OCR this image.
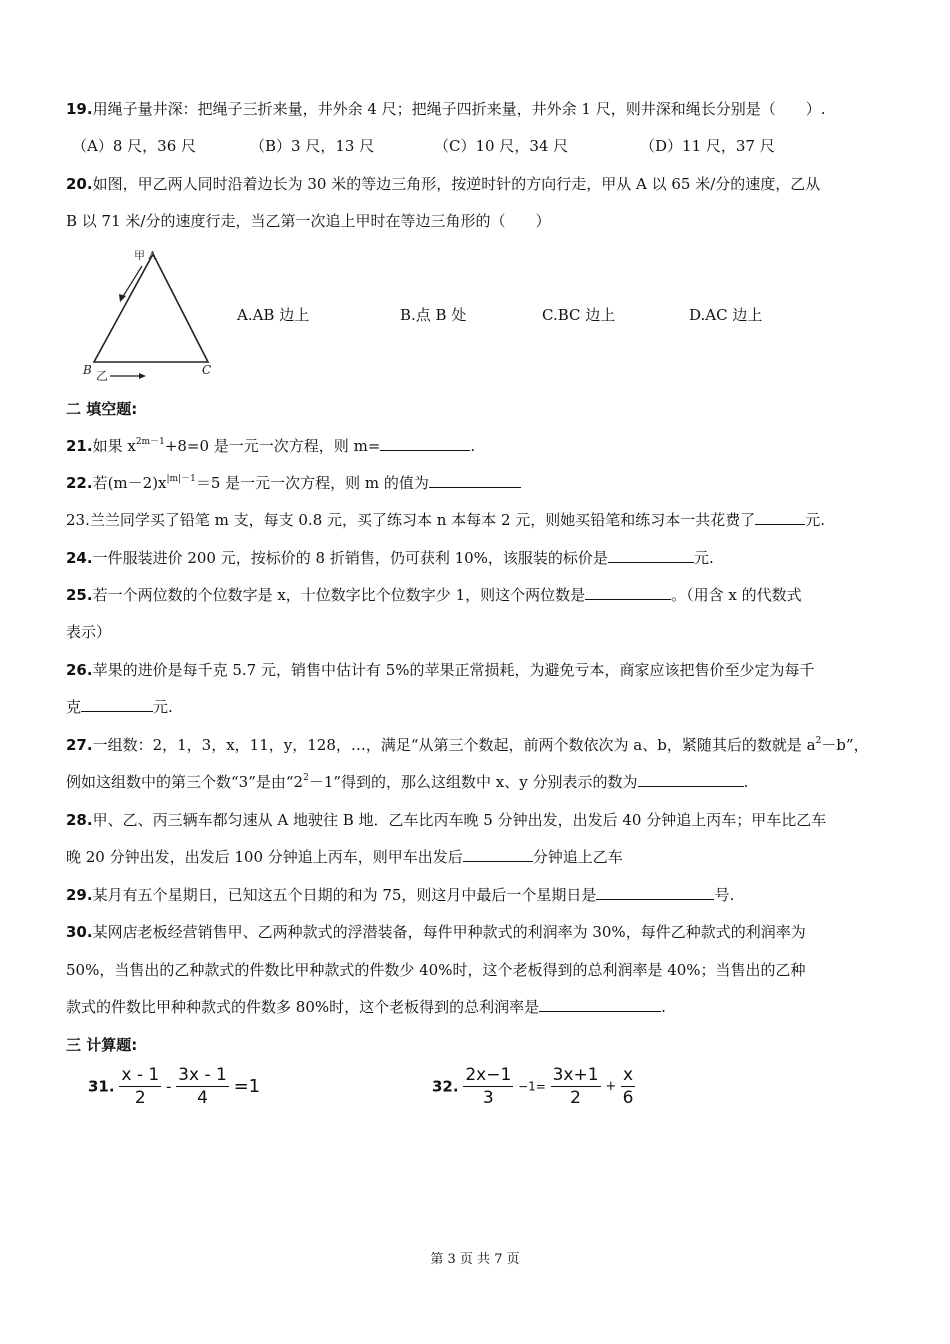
19.用绳子量井深：把绳子三折来量，井外余 4 尺；把绳子四折来量，井外余 1 尺，则井深和绳长分别是（　　）.
（A）8 尺，36 尺	（B）3 尺，13 尺	（C）10 尺，34 尺	（D）11 尺，37 尺
20.如图，甲乙两人同时沿着边长为 30 米的等边三角形，按逆时针的方向行走，甲从 A 以 65 米/分的速度，乙从
B 以 71 米/分的速度行走，当乙第一次追上甲时在等边三角形的（　　）
甲 A
B 乙	C
A.AB 边上	B.点 B 处	C.BC 边上	D.AC 边上
二 填空题:
21.如果 $x^{2m-1}+8=0$ 是一元一次方程，则 m=	.
22.若$(m-2)x^{|m|-1}=5$ 是一元一次方程，则 m 的值为
23.兰兰同学买了铅笔 m 支，每支 0.8 元，买了练习本 n 本每本 2 元，则她买铅笔和练习本一共花费了	元.
24.一件服装进价 200 元，按标价的 8 折销售，仍可获利 10%，该服装的标价是	元.
25.若一个两位数的个位数字是 x，十位数字比个位数字少 1，则这个两位数是	。（用含 x 的代数式
表示）
26.苹果的进价是每千克 5.7 元，销售中估计有 5%的苹果正常损耗，为避免亏本，商家应该把售价至少定为每千
克	元.
27.一组数：2，1，3，x，11，y，128，…，满足“从第三个数起，前两个数依次为 a、b，紧随其后的数就是 $a^2-b$”，
例如这组数中的第三个数“3”是由“$2^2-1$”得到的，那么这组数中 x、y 分别表示的数为	.
28.甲、乙、丙三辆车都匀速从 A 地驶往 B 地．乙车比丙车晚 5 分钟出发，出发后 40 分钟追上丙车；甲车比乙车
晚 20 分钟出发，出发后 100 分钟追上丙车，则甲车出发后	分钟追上乙车
29.某月有五个星期日，已知这五个日期的和为 75，则这月中最后一个星期日是	号.
30.某网店老板经营销售甲、乙两种款式的浮潜装备，每件甲种款式的利润率为 30%，每件乙种款式的利润率为
50%，当售出的乙种款式的件数比甲种款式的件数少 40%时，这个老板得到的总利润率是 40%；当售出的乙种
款式的件数比甲种种款式的件数多 80%时，这个老板得到的总利润率是	.
三 计算题:
31. $\frac{x - 1}{2} - \frac{3x - 1}{4} =1$	32. $\frac{2x-1}{3} -1= \frac{3x+1}{2} + \frac{x}{6}$
第 3 页 共 7 页
